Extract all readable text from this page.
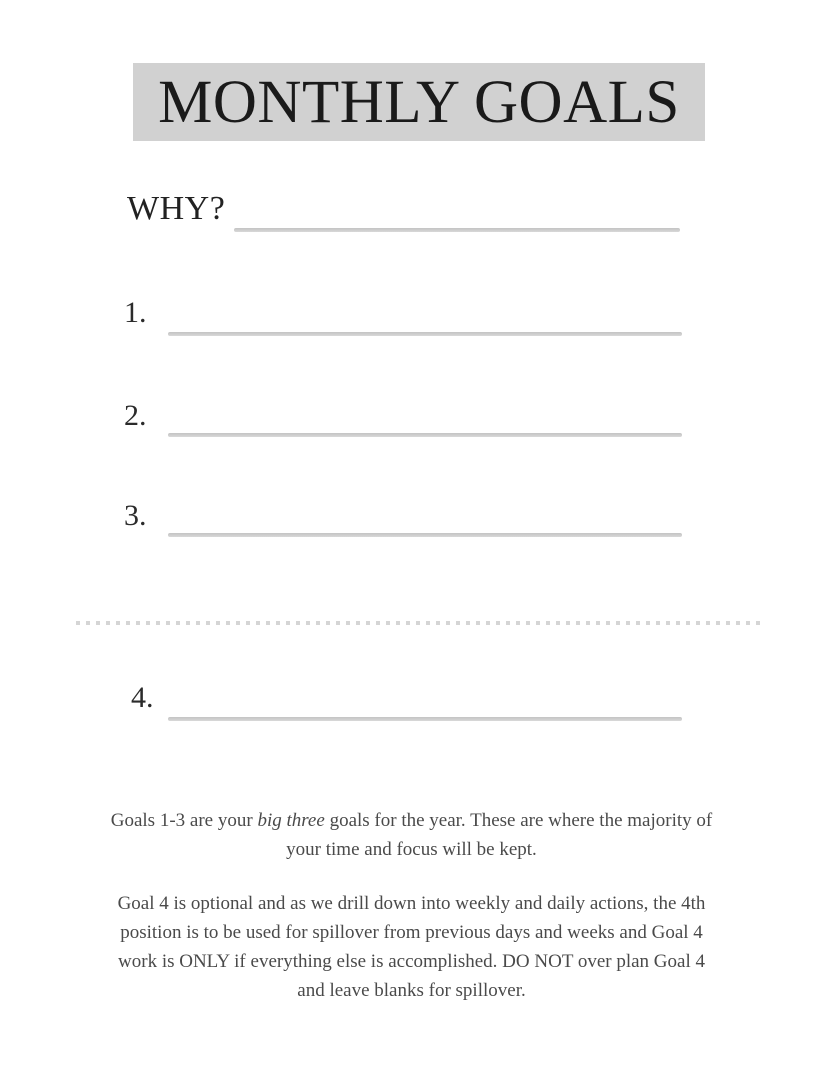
MONTHLY GOALS
WHY?
1.
2.
3.
4.

Goals 1-3 are your big three goals for the year. These are where the majority of
your time and focus will be kept.

Goal 4 is optional and as we drill down into weekly and daily actions, the 4th
position is to be used for spillover from previous days and weeks and Goal 4
work is ONLY if everything else is accomplished. DO NOT over plan Goal 4
and leave blanks for spillover.
